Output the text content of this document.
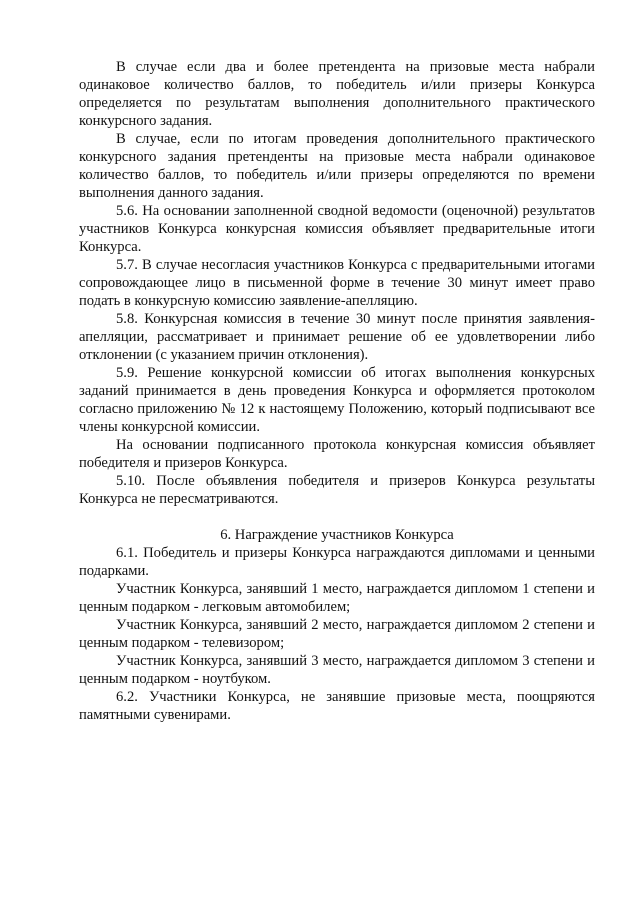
В случае если два и более претендента на призовые места набрали одинаковое количество баллов, то победитель и/или призеры Конкурса определяется по результатам выполнения дополнительного практического конкурсного задания.

В случае, если по итогам проведения дополнительного практического конкурсного задания претенденты на призовые места набрали одинаковое количество баллов, то победитель и/или призеры определяются по времени выполнения данного задания.

5.6. На основании заполненной сводной ведомости (оценочной) результатов участников Конкурса конкурсная комиссия объявляет предварительные итоги Конкурса.

5.7. В случае несогласия участников Конкурса с предварительными итогами сопровождающее лицо в письменной форме в течение 30 минут имеет право подать в конкурсную комиссию заявление-апелляцию.

5.8. Конкурсная комиссия в течение 30 минут после принятия заявления-апелляции, рассматривает и принимает решение об ее удовлетворении либо отклонении (с указанием причин отклонения).

5.9. Решение конкурсной комиссии об итогах выполнения конкурсных заданий принимается в день проведения Конкурса и оформляется протоколом согласно приложению № 12 к настоящему Положению, который подписывают все члены конкурсной комиссии.

На основании подписанного протокола конкурсная комиссия объявляет победителя и призеров Конкурса.

5.10. После объявления победителя и призеров Конкурса результаты Конкурса не пересматриваются.

6. Награждение участников Конкурса

6.1. Победитель и призеры Конкурса награждаются дипломами и ценными подарками.

Участник Конкурса, занявший 1 место, награждается дипломом 1 степени и ценным подарком - легковым автомобилем;

Участник Конкурса, занявший 2 место, награждается дипломом 2 степени и ценным подарком - телевизором;

Участник Конкурса, занявший 3 место, награждается дипломом 3 степени и ценным подарком - ноутбуком.

6.2. Участники Конкурса, не занявшие призовые места, поощряются памятными сувенирами.
